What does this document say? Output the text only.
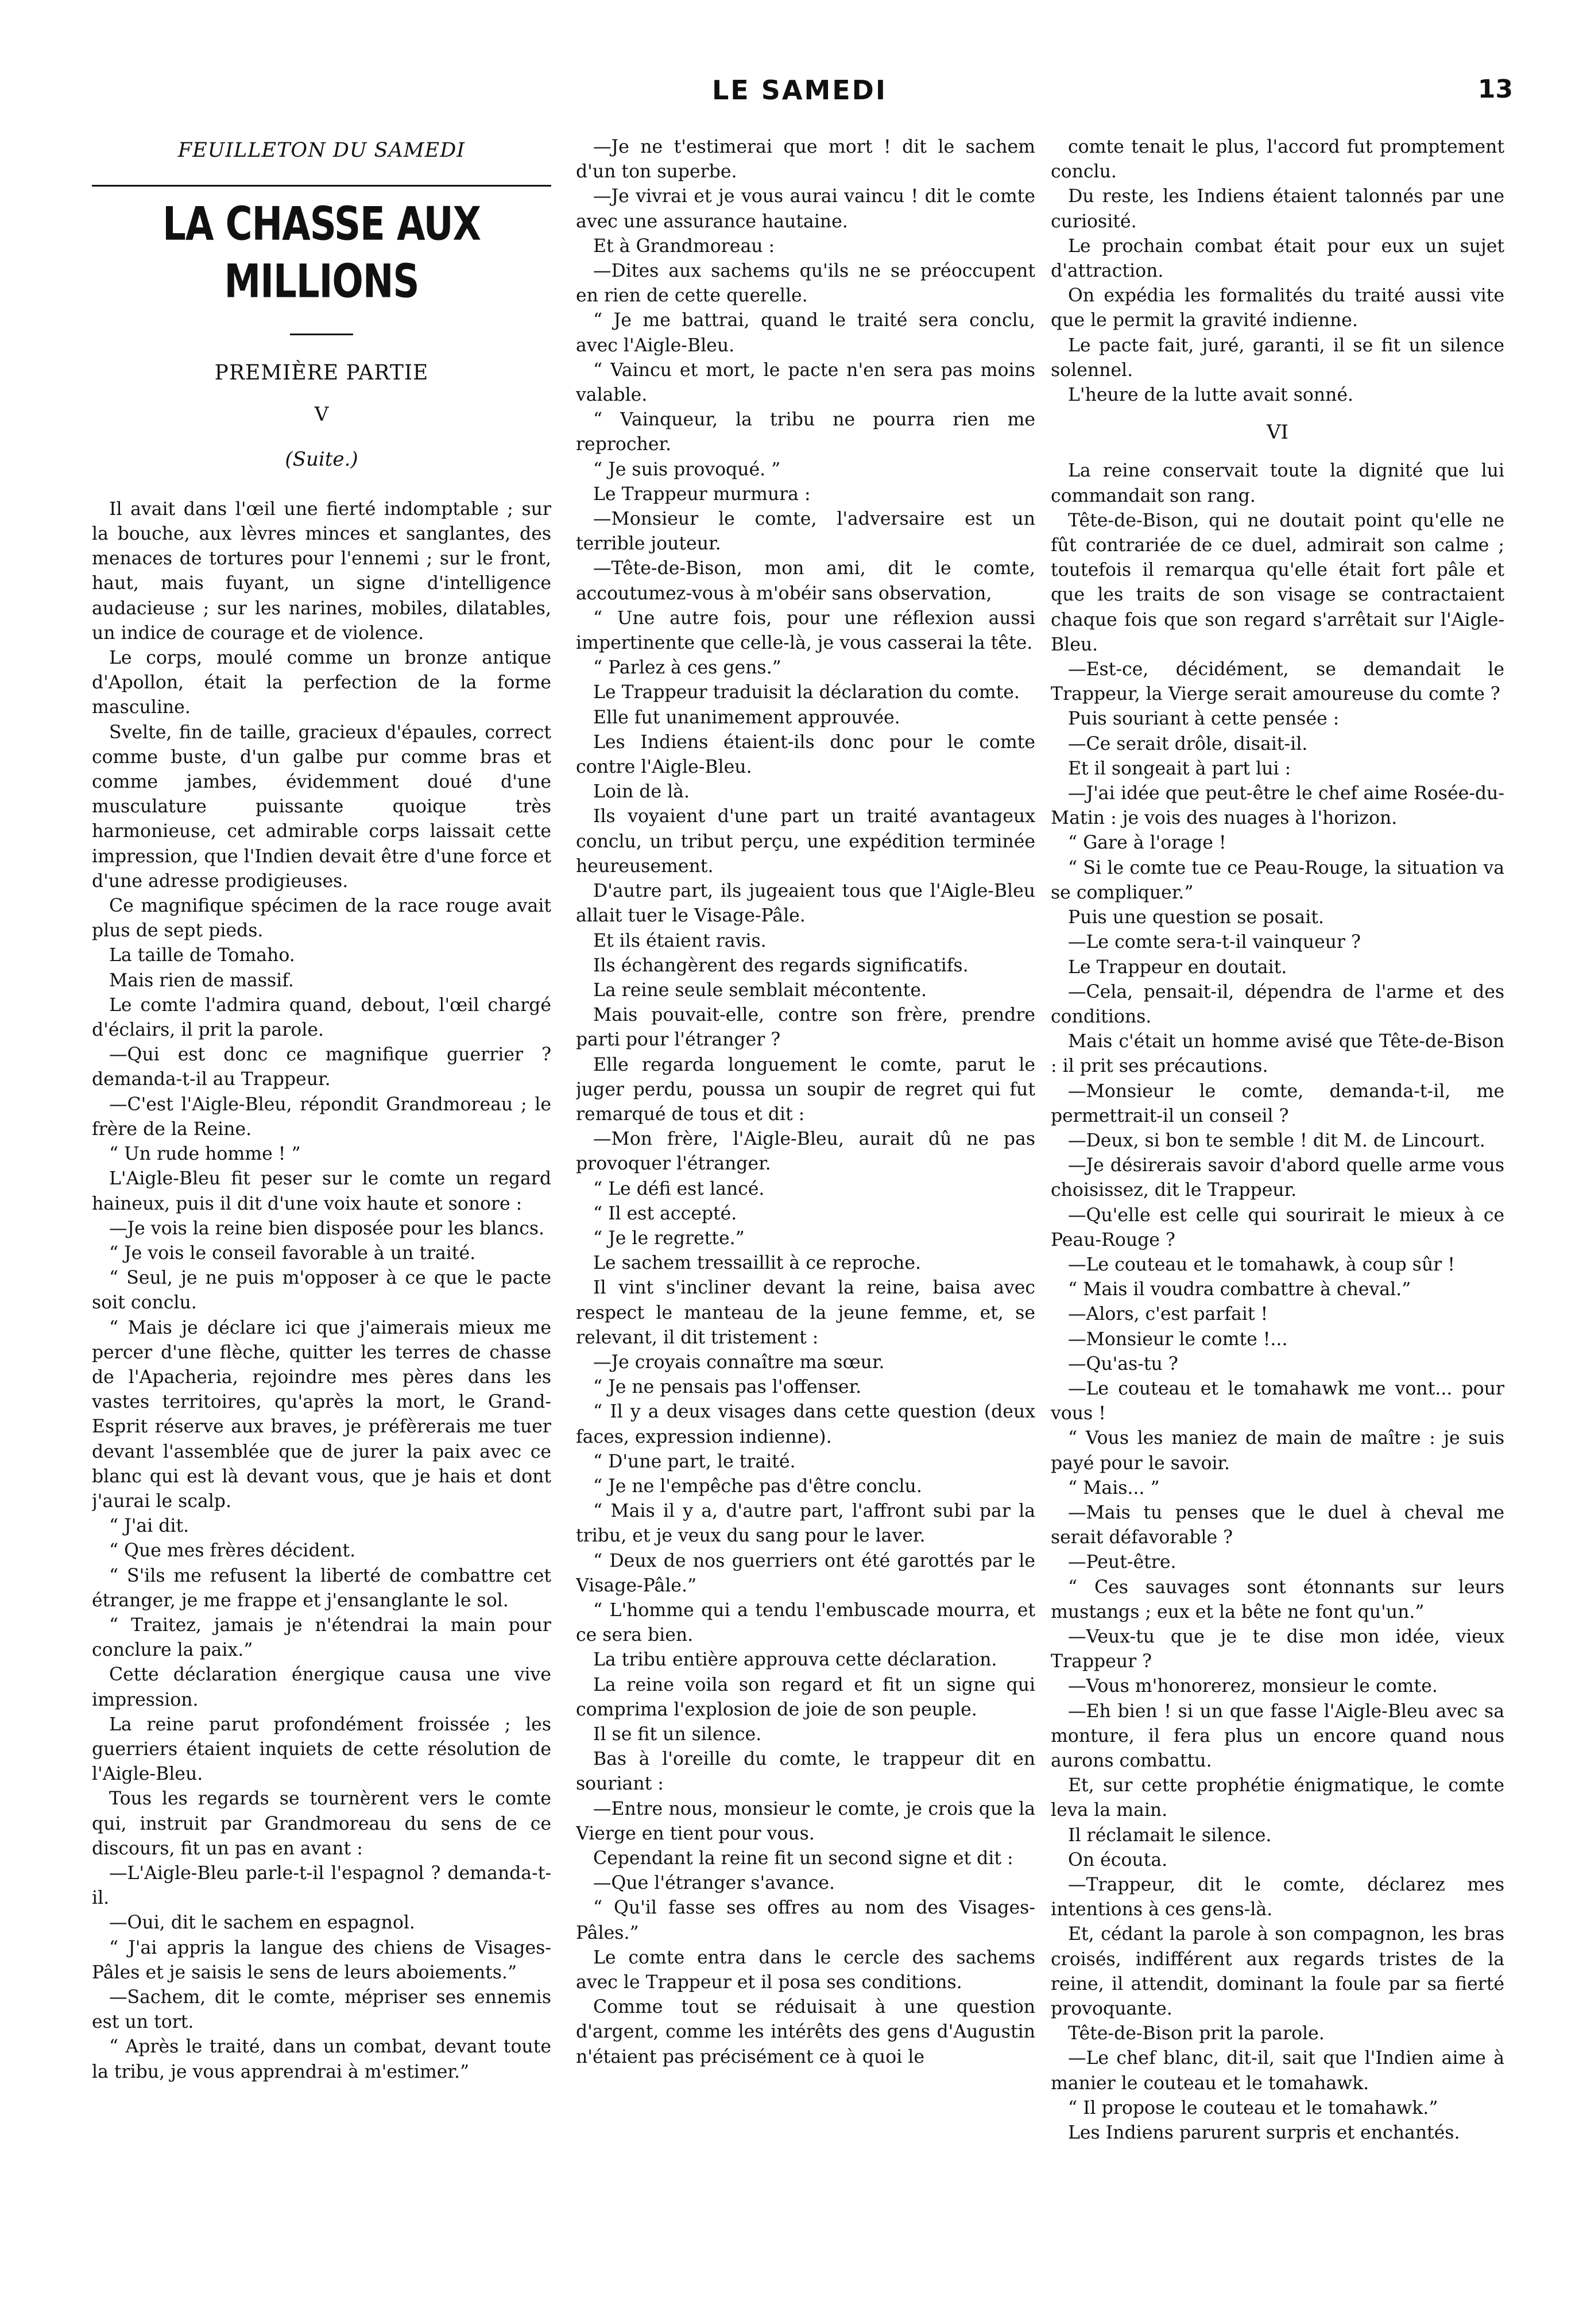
LE SAMEDI	13
FEUILLETON DU SAMEDI
LA CHASSE AUX MILLIONS
PREMIÈRE PARTIE
V
(Suite.)

Il avait dans l'œil une fierté indomptable ; sur la bouche, aux lèvres minces et sanglantes, des menaces de tortures pour l'ennemi ; sur le front, haut, mais fuyant, un signe d'intelligence audacieuse ; sur les narines, mobiles, dilatables, un indice de courage et de violence.

Le corps, moulé comme un bronze antique d'Apollon, était la perfection de la forme masculine.

Svelte, fin de taille, gracieux d'épaules, correct comme buste, d'un galbe pur comme bras et comme jambes, évidemment doué d'une musculature puissante quoique très harmonieuse, cet admirable corps laissait cette impression, que l'Indien devait être d'une force et d'une adresse prodigieuses.

Ce magnifique spécimen de la race rouge avait plus de sept pieds.

La taille de Tomaho.

Mais rien de massif.

Le comte l'admira quand, debout, l'œil chargé d'éclairs, il prit la parole.

—Qui est donc ce magnifique guerrier ? demanda-t-il au Trappeur.

—C'est l'Aigle-Bleu, répondit Grandmoreau ; le frère de la Reine.

“ Un rude homme ! ”

L'Aigle-Bleu fit peser sur le comte un regard haineux, puis il dit d'une voix haute et sonore :

—Je vois la reine bien disposée pour les blancs.

“ Je vois le conseil favorable à un traité.

“ Seul, je ne puis m'opposer à ce que le pacte soit conclu.

“ Mais je déclare ici que j'aimerais mieux me percer d'une flèche, quitter les terres de chasse de l'Apacheria, rejoindre mes pères dans les vastes territoires, qu'après la mort, le Grand-Esprit réserve aux braves, je préfèrerais me tuer devant l'assemblée que de jurer la paix avec ce blanc qui est là devant vous, que je hais et dont j'aurai le scalp.

“ J'ai dit.

“ Que mes frères décident.

“ S'ils me refusent la liberté de combattre cet étranger, je me frappe et j'ensanglante le sol.

“ Traitez, jamais je n'étendrai la main pour conclure la paix.”

Cette déclaration énergique causa une vive impression.

La reine parut profondément froissée ; les guerriers étaient inquiets de cette résolution de l'Aigle-Bleu.

Tous les regards se tournèrent vers le comte qui, instruit par Grandmoreau du sens de ce discours, fit un pas en avant :

—L'Aigle-Bleu parle-t-il l'espagnol ? demanda-t-il.

—Oui, dit le sachem en espagnol.

“ J'ai appris la langue des chiens de Visages-Pâles et je saisis le sens de leurs aboiements.”

—Sachem, dit le comte, mépriser ses ennemis est un tort.

“ Après le traité, dans un combat, devant toute la tribu, je vous apprendrai à m'estimer.”

—Je ne t'estimerai que mort ! dit le sachem d'un ton superbe.

—Je vivrai et je vous aurai vaincu ! dit le comte avec une assurance hautaine.

Et à Grandmoreau :

—Dites aux sachems qu'ils ne se préoccupent en rien de cette querelle.

“ Je me battrai, quand le traité sera conclu, avec l'Aigle-Bleu.

“ Vaincu et mort, le pacte n'en sera pas moins valable.

“ Vainqueur, la tribu ne pourra rien me reprocher.

“ Je suis provoqué. ”

Le Trappeur murmura :

—Monsieur le comte, l'adversaire est un terrible jouteur.

—Tête-de-Bison, mon ami, dit le comte, accoutumez-vous à m'obéir sans observation,

“ Une autre fois, pour une réflexion aussi impertinente que celle-là, je vous casserai la tête.

“ Parlez à ces gens.”

Le Trappeur traduisit la déclaration du comte.

Elle fut unanimement approuvée.

Les Indiens étaient-ils donc pour le comte contre l'Aigle-Bleu.

Loin de là.

Ils voyaient d'une part un traité avantageux conclu, un tribut perçu, une expédition terminée heureusement.

D'autre part, ils jugeaient tous que l'Aigle-Bleu allait tuer le Visage-Pâle.

Et ils étaient ravis.

Ils échangèrent des regards significatifs.

La reine seule semblait mécontente.

Mais pouvait-elle, contre son frère, prendre parti pour l'étranger ?

Elle regarda longuement le comte, parut le juger perdu, poussa un soupir de regret qui fut remarqué de tous et dit :

—Mon frère, l'Aigle-Bleu, aurait dû ne pas provoquer l'étranger.

“ Le défi est lancé.

“ Il est accepté.

“ Je le regrette.”

Le sachem tressaillit à ce reproche.

Il vint s'incliner devant la reine, baisa avec respect le manteau de la jeune femme, et, se relevant, il dit tristement :

—Je croyais connaître ma sœur.

“ Je ne pensais pas l'offenser.

“ Il y a deux visages dans cette question (deux faces, expression indienne).

“ D'une part, le traité.

“ Je ne l'empêche pas d'être conclu.

“ Mais il y a, d'autre part, l'affront subi par la tribu, et je veux du sang pour le laver.

“ Deux de nos guerriers ont été garottés par le Visage-Pâle.”

“ L'homme qui a tendu l'embuscade mourra, et ce sera bien.

La tribu entière approuva cette déclaration.

La reine voila son regard et fit un signe qui comprima l'explosion de joie de son peuple.

Il se fit un silence.

Bas à l'oreille du comte, le trappeur dit en souriant :

—Entre nous, monsieur le comte, je crois que la Vierge en tient pour vous.

Cependant la reine fit un second signe et dit :

—Que l'étranger s'avance.

“ Qu'il fasse ses offres au nom des Visages-Pâles.”

Le comte entra dans le cercle des sachems avec le Trappeur et il posa ses conditions.

Comme tout se réduisait à une question d'argent, comme les intérêts des gens d'Augustin n'étaient pas précisément ce à quoi le

comte tenait le plus, l'accord fut promptement conclu.

Du reste, les Indiens étaient talonnés par une curiosité.

Le prochain combat était pour eux un sujet d'attraction.

On expédia les formalités du traité aussi vite que le permit la gravité indienne.

Le pacte fait, juré, garanti, il se fit un silence solennel.

L'heure de la lutte avait sonné.

VI

La reine conservait toute la dignité que lui commandait son rang.

Tête-de-Bison, qui ne doutait point qu'elle ne fût contrariée de ce duel, admirait son calme ; toutefois il remarqua qu'elle était fort pâle et que les traits de son visage se contractaient chaque fois que son regard s'arrêtait sur l'Aigle-Bleu.

—Est-ce, décidément, se demandait le Trappeur, la Vierge serait amoureuse du comte ?

Puis souriant à cette pensée :

—Ce serait drôle, disait-il.

Et il songeait à part lui :

—J'ai idée que peut-être le chef aime Rosée-du-Matin : je vois des nuages à l'horizon.

“ Gare à l'orage !

“ Si le comte tue ce Peau-Rouge, la situation va se compliquer.”

Puis une question se posait.

—Le comte sera-t-il vainqueur ?

Le Trappeur en doutait.

—Cela, pensait-il, dépendra de l'arme et des conditions.

Mais c'était un homme avisé que Tête-de-Bison : il prit ses précautions.

—Monsieur le comte, demanda-t-il, me permettrait-il un conseil ?

—Deux, si bon te semble ! dit M. de Lincourt.

—Je désirerais savoir d'abord quelle arme vous choisissez, dit le Trappeur.

—Qu'elle est celle qui sourirait le mieux à ce Peau-Rouge ?

—Le couteau et le tomahawk, à coup sûr !

“ Mais il voudra combattre à cheval.”

—Alors, c'est parfait !

—Monsieur le comte !...

—Qu'as-tu ?

—Le couteau et le tomahawk me vont... pour vous !

“ Vous les maniez de main de maître : je suis payé pour le savoir.

“ Mais... ”

—Mais tu penses que le duel à cheval me serait défavorable ?

—Peut-être.

“ Ces sauvages sont étonnants sur leurs mustangs ; eux et la bête ne font qu'un.”

—Veux-tu que je te dise mon idée, vieux Trappeur ?

—Vous m'honorerez, monsieur le comte.

—Eh bien ! si un que fasse l'Aigle-Bleu avec sa monture, il fera plus un encore quand nous aurons combattu.

Et, sur cette prophétie énigmatique, le comte leva la main.

Il réclamait le silence.

On écouta.

—Trappeur, dit le comte, déclarez mes intentions à ces gens-là.

Et, cédant la parole à son compagnon, les bras croisés, indifférent aux regards tristes de la reine, il attendit, dominant la foule par sa fierté provoquante.

Tête-de-Bison prit la parole.

—Le chef blanc, dit-il, sait que l'Indien aime à manier le couteau et le tomahawk.

“ Il propose le couteau et le tomahawk.”

Les Indiens parurent surpris et enchantés.
